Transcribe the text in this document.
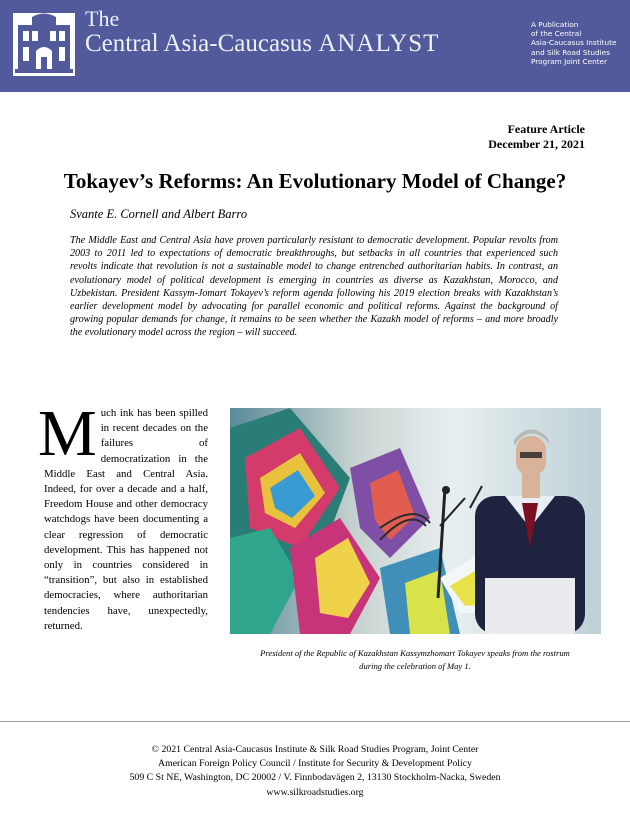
The
Central Asia-Caucasus ANALYST
A Publication
of the Central
Asia-Caucasus Institute
and Silk Road Studies
Program Joint Center
Feature Article
December 21, 2021
Tokayev’s Reforms: An Evolutionary Model of Change?
Svante E. Cornell and Albert Barro

The Middle East and Central Asia have proven particularly resistant to democratic development. Popular revolts from 2003 to 2011 led to expectations of democratic breakthroughs, but setbacks in all countries that experienced such revolts indicate that revolution is not a sustainable model to change entrenched authoritarian habits. In contrast, an evolutionary model of political development is emerging in countries as diverse as Kazakhstan, Morocco, and Uzbekistan. President Kassym-Jomart Tokayev’s reform agenda following his 2019 election breaks with Kazakhstan’s earlier development model by advocating for parallel economic and political reforms. Against the background of growing popular demands for change, it remains to be seen whether the Kazakh model of reforms – and more broadly the evolutionary model across the region – will succeed.

Much ink has been spilled in recent decades on the failures of democratization in the Middle East and Central Asia. Indeed, for over a decade and a half, Freedom House and other democracy watchdogs have been documenting a clear regression of democratic development. This has happened not only in countries considered in “transition”, but also in established democracies, where authoritarian tendencies have, unexpectedly, returned.

President of the Republic of Kazakhstan Kassymzhomart Tokayev speaks from the rostrum during the celebration of May 1.

© 2021 Central Asia-Caucasus Institute & Silk Road Studies Program, Joint Center
American Foreign Policy Council / Institute for Security & Development Policy
509 C St NE, Washington, DC 20002 / V. Finnbodavägen 2, 13130 Stockholm-Nacka, Sweden
www.silkroadstudies.org
